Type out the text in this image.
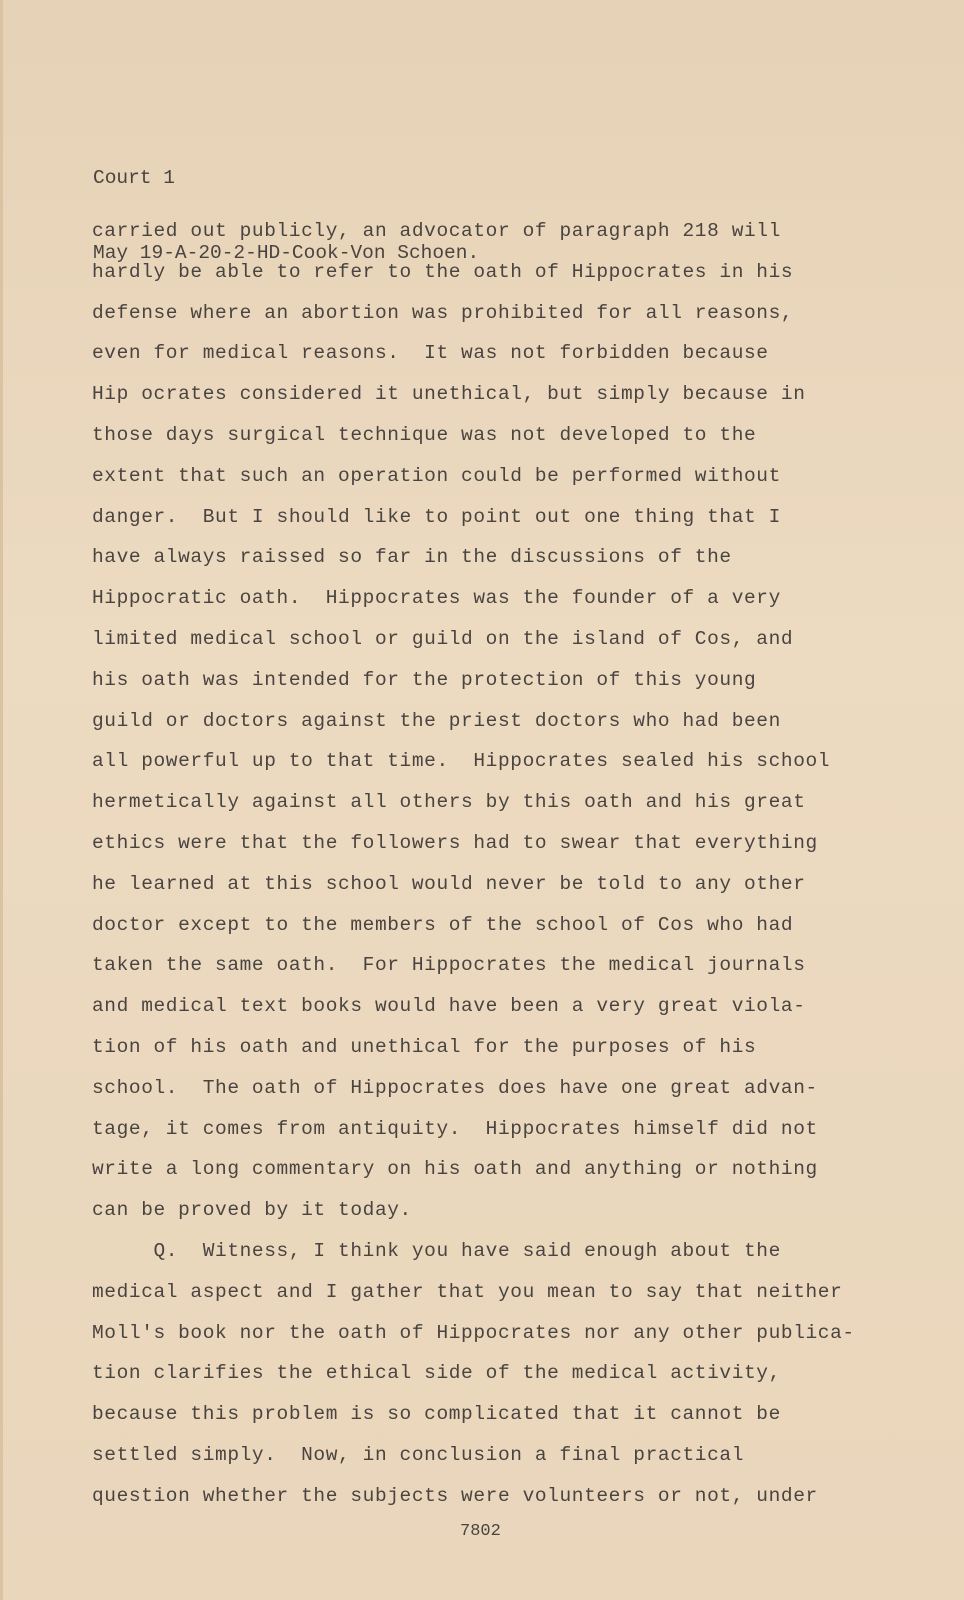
Court 1

May 19-A-20-2-HD-Cook-Von Schoen.

carried out publicly, an advocator of paragraph 218 will
hardly be able to refer to the oath of Hippocrates in his
defense where an abortion was prohibited for all reasons,
even for medical reasons.  It was not forbidden because
Hip ocrates considered it unethical, but simply because in
those days surgical technique was not developed to the
extent that such an operation could be performed without
danger.  But I should like to point out one thing that I
have always raissed so far in the discussions of the
Hippocratic oath.  Hippocrates was the founder of a very
limited medical school or guild on the island of Cos, and
his oath was intended for the protection of this young
guild or doctors against the priest doctors who had been
all powerful up to that time.  Hippocrates sealed his school
hermetically against all others by this oath and his great
ethics were that the followers had to swear that everything
he learned at this school would never be told to any other
doctor except to the members of the school of Cos who had
taken the same oath.  For Hippocrates the medical journals
and medical text books would have been a very great viola-
tion of his oath and unethical for the purposes of his
school.  The oath of Hippocrates does have one great advan-
tage, it comes from antiquity.  Hippocrates himself did not
write a long commentary on his oath and anything or nothing
can be proved by it today.
Q.  Witness, I think you have said enough about the
medical aspect and I gather that you mean to say that neither
Moll's book nor the oath of Hippocrates nor any other publica-
tion clarifies the ethical side of the medical activity,
because this problem is so complicated that it cannot be
settled simply.  Now, in conclusion a final practical
question whether the subjects were volunteers or not, under
7802
